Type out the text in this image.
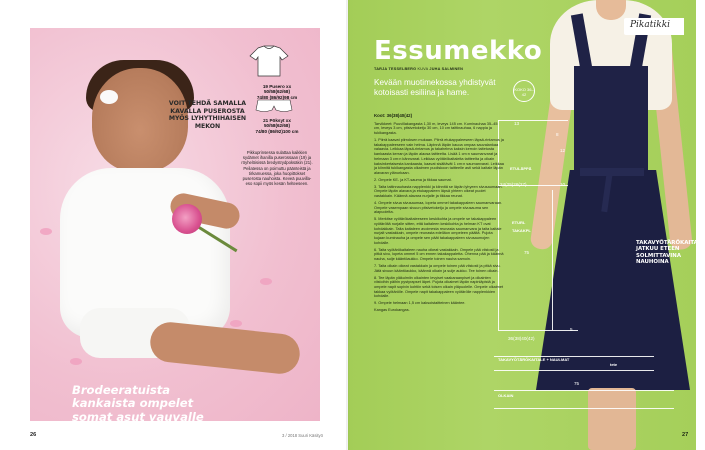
Brodeeratuista kankaista ompelet somat asut vauvalle
VOIT TEHDÄ SAMALLA KAVALLA PUSEROSTA MYÖS LYHYTHIHAISEN MEKON
19 Pusero xx
50/58(62/68)
74/80 (86/92)98 cm
21 Pöksyt xx
50/58(62/68)
74/80 (86/92)100 cm
Pikkuprinsessa sulattaa kaikkien sydämet ihanilla puserossaan (19) ja röyhelöisissä bredystrydpoksäkin (21). Peilatessa on poimuttu päänteistä ja tirkamuessa, joka huopittokset puserosta nauhoista. Keveä puuvilla- eso sopii myös kesän helteeseen.
26	3 / 2018 Suuri Käsityö
13
8
12
ETULÄPPÄ
24(25)26(27)	10
ETURL
TAKAKPL
75
5
36(38)40(42)
TAKAVYÖTÄRÖKAITALE + NAULMAT
tete
75
OLKAIN
Essumekko
TARJA TESSELBERG KUVA JUHA SALMINEN
Kevään muotimekossa yhdistyvät kotoisasti esiliina ja hame.	KOKO 36–42
Koot: 36(38)40(42)

Tarvikkeet: Puuvillakangasta 1,30 m, leveys 145 cm. Kuminauhaa 35–45 cm, leveys 3 cm, pitsivetoketju 30 cm, 10 cm taittinauhaa, 6 nappia ja tukikangasta.

1. Piirrä kaavat piirroksen mukaan. Piirrä etukappaleeseen läpsä-rintamus ja takakappaleeseen vain helma. Läpinnä läpän kauoa ompaa sauvalankaa valaavia. Leikkaa läpsä-rintamus ja takahelma kaksin kerroin taitetusta kankaasta kerran ja läpän alaosa taitteelta. Lisää 1 cm:n saumanvarat ja helmaan 3 cm:n kännvarat. Leikkaa vyötärökaitaleita taitteelta ja olkain kaksinkertaisesta kankaasta, kaavat sisältävät 1 cm:n saumanvarat. Leikkaa ja kiinnitä tukikangasta olkaimen puoliskoon taitteelle asti sekä kaitale läpän alavaran ylänurkaan.

2. Ompele KE- ja KT-sauma ja tikkaa saumat.

3. Taita taitinnauhasta napplenkki ja kiinnitä se läpän lyhyeen sivusaumaan. Ompele läpän alavara ja etukappaleen läpsä yhteen oikeat puolet vastakkain. Käännä alavara nurjalle ja tikkaa reunat.

4. Ompele sivua sivusaumaa, lopeta ommel takakappaleen saumanvaraan. Ompele vasempaan sivuun pitsivetoketju ja ompele sivusauma sen alapuolelta.

5. Merkitse vyötärökaitaleeseen keskikohta ja ompele se takakappaleen vyötäröltä nurjalle sitten, että kaitaleen keskikohta ja helman KT ovat kohdakkain. Taita kaitaleen avoimesta reunasta saumanvara ja taita kaitale nurjalt vastakkain, ompele reunasta edelläon ompeleen päältä. Pujota kujaan kuminauha ja ompele sen päät takakappaleen sivusaumojen kohdalle.

6. Taita vyötärökaitaleen nauha oikeat vastakkain. Ompele pää viistosti ja pitkä sivu, lopeta ommel 5 cm ennen takakappaletta. Ohenna pää ja käännä nauha, sulje kääntöaukko. Ompele toinen nauha samoin.

7. Taita olkain oikeat vastakkain ja ompele toinen pää viistosti ja pitkä sivu. Jätä sivuun kääntöaukko, käännä olkain ja sulje aukko. Tee toinen olkain.

8. Tee läpän yläkulmiin olkainten levyiset vaakaraanpiset ja olkainten viistoihin päihin pystyrapset läpet. Pujota olkaimet läpän napinläpistä ja ompele napit sopivin kohtiin sekä toisen olkain yläpuolelle. Ompele olkaimet takkaa vyötärölle. Ompele napit takakappaleen vyötärölle napplenkkien kohdalle.

9. Ompele helmaan 1,5 cm kaksoistaitteinen kääntee.

Kangas Eurokangas.

TAKAVYÖTÄRÖKAITALE JATKUU ETEEN SOLMITTAVINA NAUHOINA
Pikatikki
27
